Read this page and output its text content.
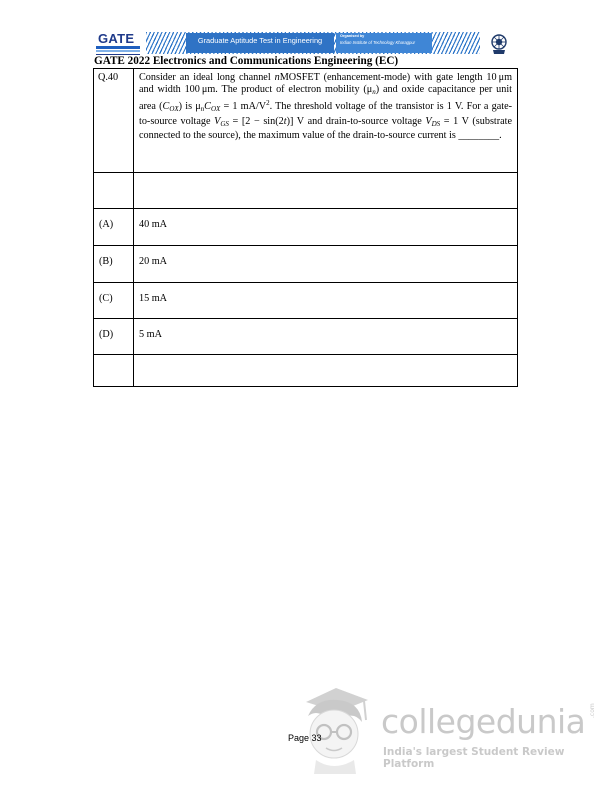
GATE	Graduate Aptitude Test in Engineering	Organised by
Indian Institute of Technology Kharagpur
GATE 2022 Electronics and Communications Engineering (EC)
Q.40	Consider an ideal long channel nMOSFET (enhancement-mode) with gate length 10 μm and width 100 μm. The product of electron mobility $(\mu_n)$ and oxide capacitance per unit area $(C_{OX})$ is $\mu_nC_{OX} = 1$ $mA/V^2$. The threshold voltage of the transistor is 1 V. For a gate-to-source voltage $V_{GS} = [2 - \sin(2t)]$ V and drain-to-source voltage $V_{DS} = 1$ V (substrate connected to the source), the maximum value of the drain-to-source current is ________.

(A)	40 mA
(B)	20 mA
(C)	15 mA
(D)	5 mA

Page 33 collegedunia .com
India's largest Student Review Platform
